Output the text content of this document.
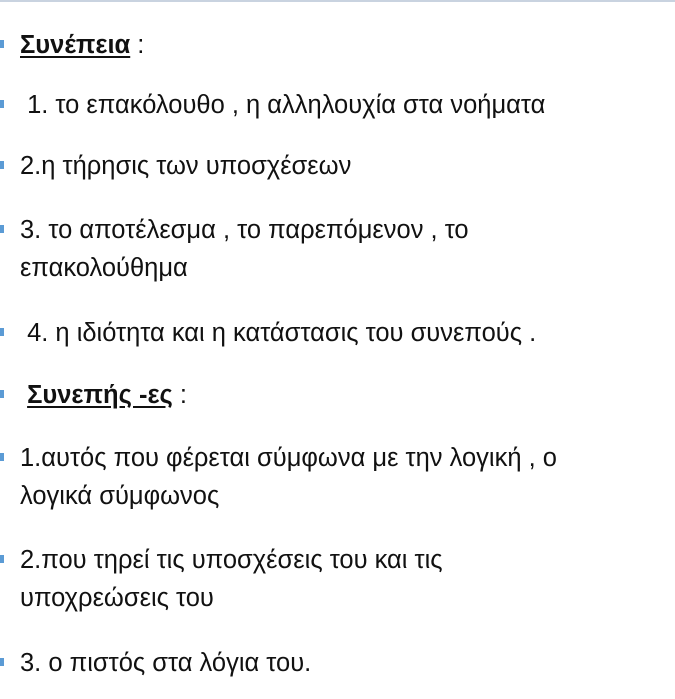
Συνέπεια :
1. το επακόλουθο , η αλληλουχία στα νοήματα
2.η τήρησις των υποσχέσεων
3. το αποτέλεσμα , το παρεπόμενον , το
επακολούθημα
4. η ιδιότητα και η κατάστασις του συνεπούς .
Συνεπής -ες :
1.αυτός που φέρεται σύμφωνα με την λογική , ο
λογικά σύμφωνος
2.που τηρεί τις υποσχέσεις του και τις
υποχρεώσεις του
3. ο πιστός στα λόγια του.
